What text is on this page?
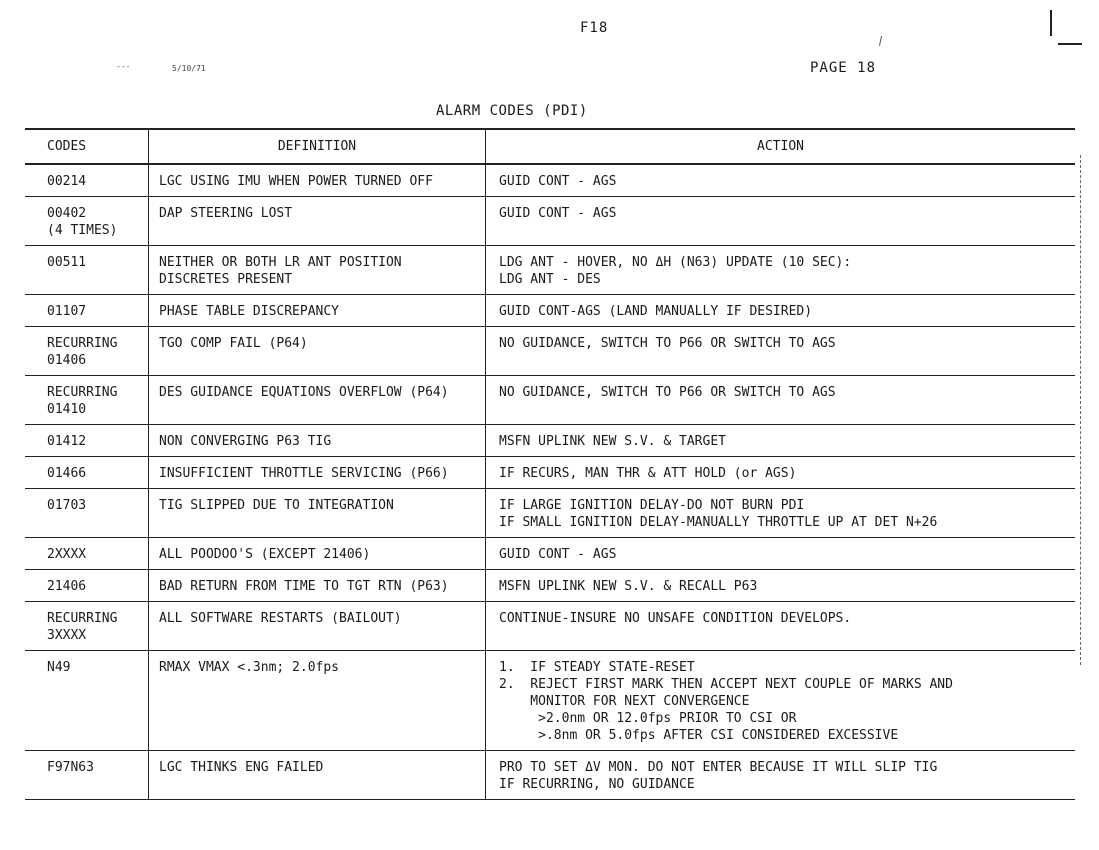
F18
---	5/10/71	PAGE 18
ALARM CODES (PDI)
CODES	DEFINITION	ACTION

00214	LGC USING IMU WHEN POWER TURNED OFF	GUID CONT - AGS

00402
(4 TIMES)	DAP STEERING LOST	GUID CONT - AGS

00511	NEITHER OR BOTH LR ANT POSITION
DISCRETES PRESENT	LDG ANT - HOVER, NO ΔH (N63) UPDATE (10 SEC):
LDG ANT - DES

01107	PHASE TABLE DISCREPANCY	GUID CONT-AGS (LAND MANUALLY IF DESIRED)

RECURRING
01406	TGO COMP FAIL (P64)	NO GUIDANCE, SWITCH TO P66 OR SWITCH TO AGS

RECURRING
01410	DES GUIDANCE EQUATIONS OVERFLOW (P64)	NO GUIDANCE, SWITCH TO P66 OR SWITCH TO AGS

01412	NON CONVERGING P63 TIG	MSFN UPLINK NEW S.V. & TARGET

01466	INSUFFICIENT THROTTLE SERVICING (P66)	IF RECURS, MAN THR & ATT HOLD (or AGS)

01703	TIG SLIPPED DUE TO INTEGRATION	IF LARGE IGNITION DELAY-DO NOT BURN PDI
IF SMALL IGNITION DELAY-MANUALLY THROTTLE UP AT DET N+26

2XXXX	ALL POODOO'S (EXCEPT 21406)	GUID CONT - AGS

21406	BAD RETURN FROM TIME TO TGT RTN (P63)	MSFN UPLINK NEW S.V. & RECALL P63

RECURRING
3XXXX	ALL SOFTWARE RESTARTS (BAILOUT)	CONTINUE-INSURE NO UNSAFE CONDITION DEVELOPS.

N49	RMAX VMAX <.3nm; 2.0fps	1.  IF STEADY STATE-RESET
2.  REJECT FIRST MARK THEN ACCEPT NEXT COUPLE OF MARKS AND
MONITOR FOR NEXT CONVERGENCE
>2.0nm OR 12.0fps PRIOR TO CSI OR
>.8nm OR 5.0fps AFTER CSI CONSIDERED EXCESSIVE

F97N63	LGC THINKS ENG FAILED	PRO TO SET ΔV MON. DO NOT ENTER BECAUSE IT WILL SLIP TIG
IF RECURRING, NO GUIDANCE
